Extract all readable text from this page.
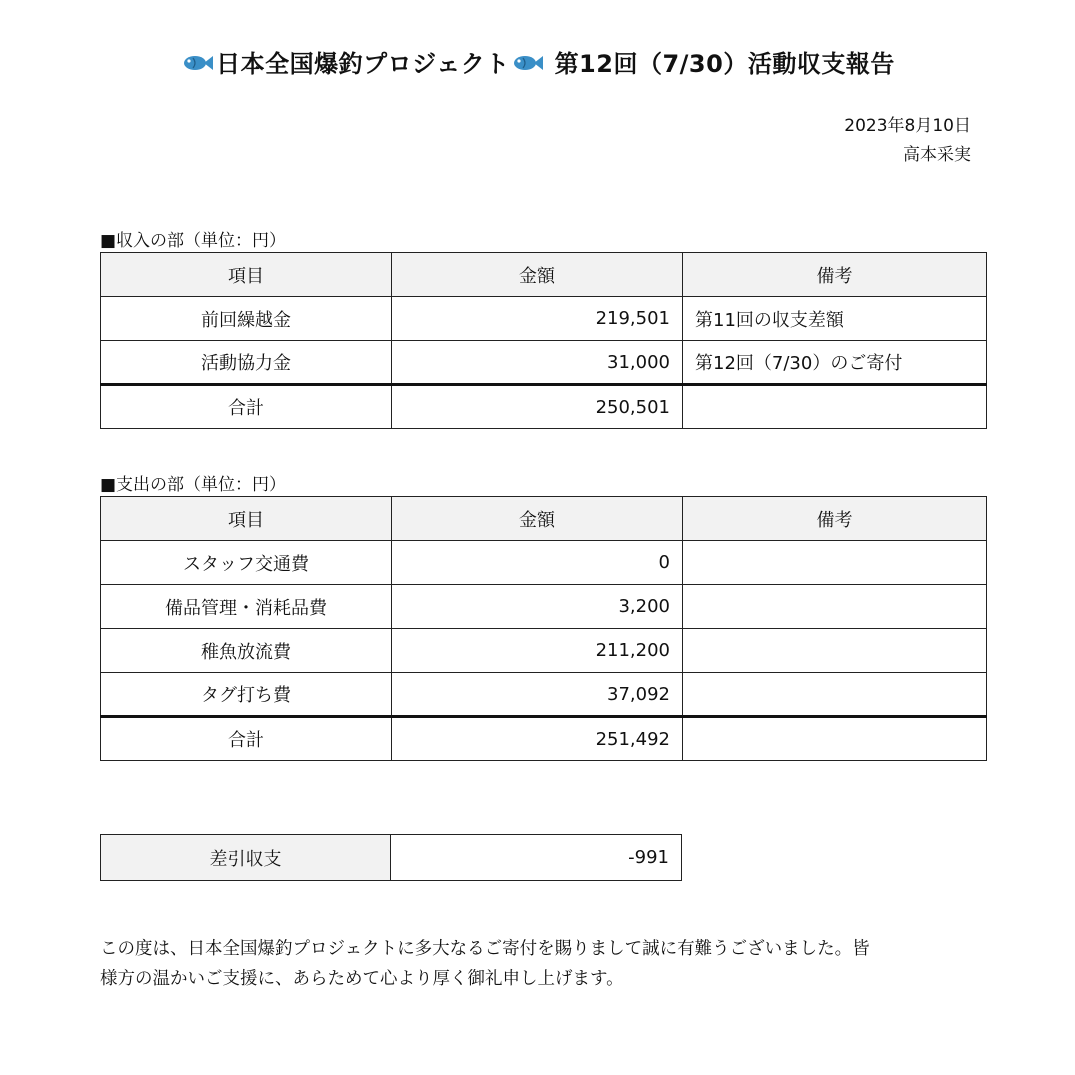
日本全国爆釣プロジェクト 第12回（7/30）活動収支報告
2023年8月10日
高本采実
■収入の部（単位：円）
項目	金額	備考
前回繰越金	219,501	第11回の収支差額
活動協力金	31,000	第12回（7/30）のご寄付
合計	250,501	
■支出の部（単位：円）
項目	金額	備考
スタッフ交通費	0	
備品管理・消耗品費	3,200	
稚魚放流費	211,200	
タグ打ち費	37,092	
合計	251,492	
差引収支	-991
この度は、日本全国爆釣プロジェクトに多大なるご寄付を賜りまして誠に有難うございました。皆
様方の温かいご支援に、あらためて心より厚く御礼申し上げます。
